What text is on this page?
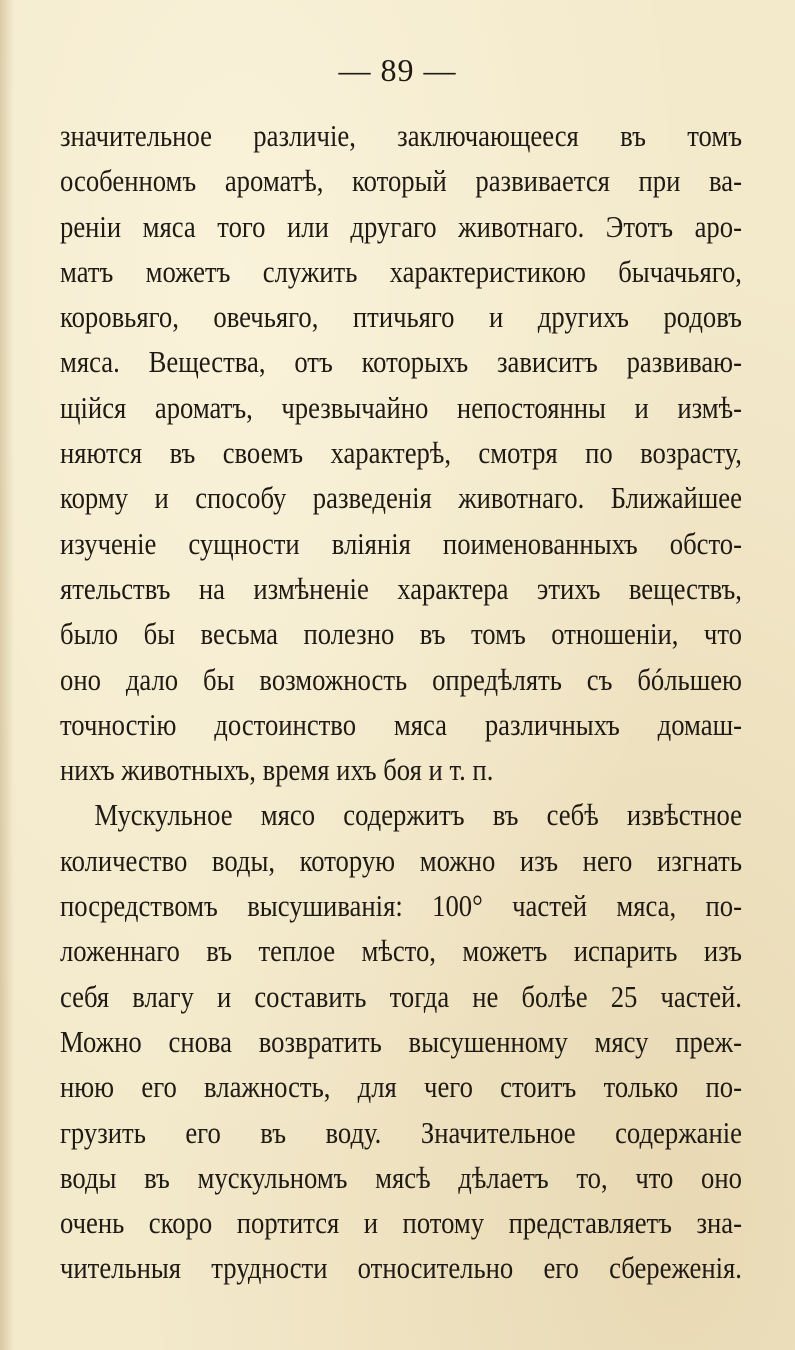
— 89 —
значительное различіе, заключающееся въ томъ
особенномъ ароматѣ, который развивается при ва-
реніи мяса того или другаго животнаго. Этотъ аро-
матъ можетъ служить характеристикою бычачьяго,
коровьяго, овечьяго, птичьяго и другихъ родовъ
мяса. Вещества, отъ которыхъ зависитъ развиваю-
щійся ароматъ, чрезвычайно непостоянны и измѣ-
няются въ своемъ характерѣ, смотря по возрасту,
корму и способу разведенія животнаго. Ближайшее
изученіе сущности вліянія поименованныхъ обсто-
ятельствъ на измѣненіе характера этихъ веществъ,
было бы весьма полезно въ томъ отношеніи, что
оно дало бы возможность опредѣлять съ бóльшею
точностію достоинство мяса различныхъ домаш-
нихъ животныхъ, время ихъ боя и т. п.
Мускульное мясо содержитъ въ себѣ извѣстное
количество воды, которую можно изъ него изгнать
посредствомъ высушиванія: 100° частей мяса, по-
ложеннаго въ теплое мѣсто, можетъ испарить изъ
себя влагу и составить тогда не болѣе 25 частей.
Можно снова возвратить высушенному мясу преж-
нюю его влажность, для чего стоитъ только по-
грузить его въ воду. Значительное содержаніе
воды въ мускульномъ мясѣ дѣлаетъ то, что оно
очень скоро портится и потому представляетъ зна-
чительныя трудности относительно его сбереженія.
